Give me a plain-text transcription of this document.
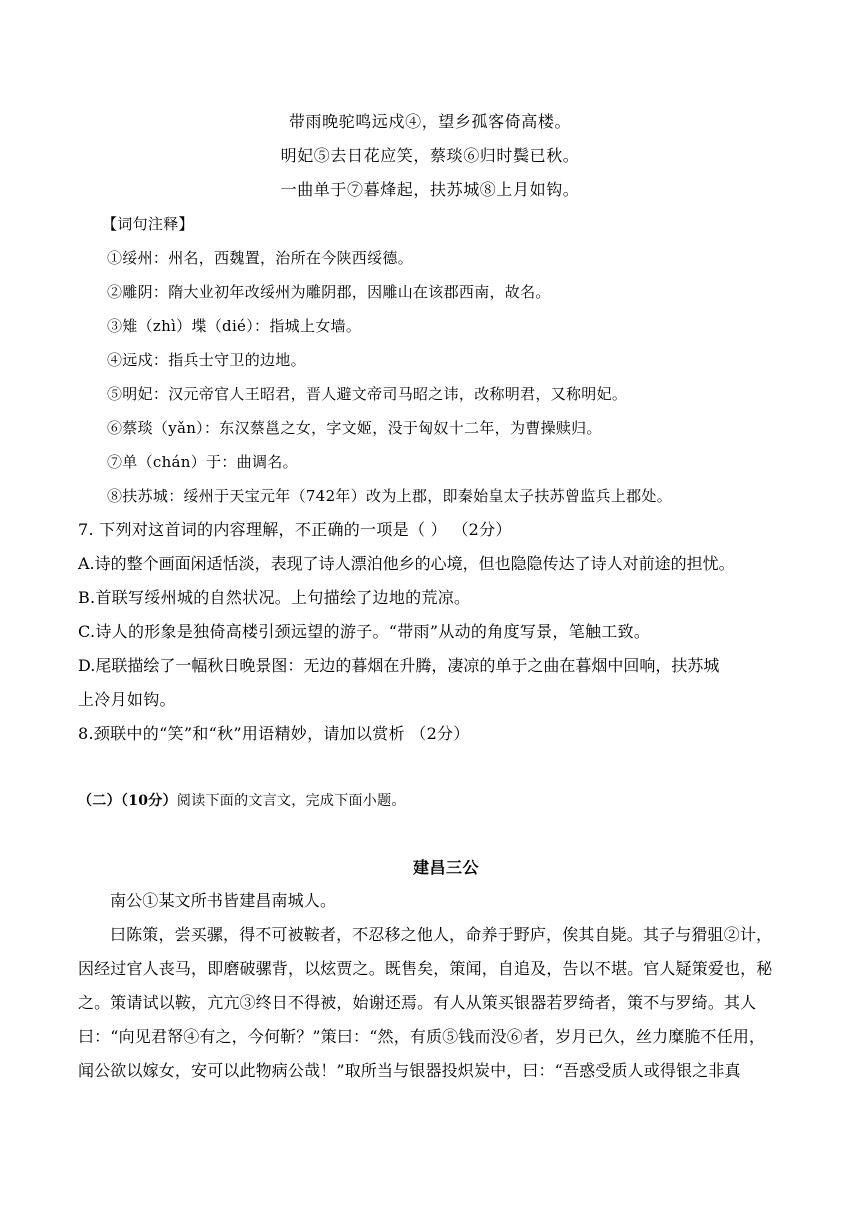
带雨晚驼鸣远戍④，望乡孤客倚高楼。
明妃⑤去日花应笑，蔡琰⑥归时鬓已秋。
一曲单于⑦暮烽起，扶苏城⑧上月如钩。
【词句注释】
①绥州：州名，西魏置，治所在今陕西绥德。
②雕阴：隋大业初年改绥州为雕阴郡，因雕山在该郡西南，故名。
③雉（zhì）堞（dié）：指城上女墙。
④远戍：指兵士守卫的边地。
⑤明妃：汉元帝官人王昭君，晋人避文帝司马昭之讳，改称明君，又称明妃。
⑥蔡琰（yǎn）：东汉蔡邕之女，字文姬，没于匈奴十二年，为曹操赎归。
⑦单（chán）于：曲调名。
⑧扶苏城：绥州于天宝元年（742年）改为上郡，即秦始皇太子扶苏曾监兵上郡处。
7. 下列对这首词的内容理解，不正确的一项是（ ） （2分）
A.诗的整个画面闲适恬淡，表现了诗人漂泊他乡的心境，但也隐隐传达了诗人对前途的担忧。
B.首联写绥州城的自然状况。上句描绘了边地的荒凉。
C.诗人的形象是独倚高楼引颈远望的游子。“带雨”从动的角度写景，笔触工致。
D.尾联描绘了一幅秋日晚景图：无边的暮烟在升腾，凄凉的单于之曲在暮烟中回响，扶苏城
上冷月如钩。
8.颈联中的“笑”和“秋”用语精妙，请加以赏析 （2分）
（二）（10分）阅读下面的文言文，完成下面小题。
建昌三公
南公①某文所书皆建昌南城人。
曰陈策，尝买骡，得不可被鞍者，不忍移之他人，命养于野庐，俟其自毙。其子与猾驵②计，
因经过官人丧马，即磨破骡背，以炫贾之。既售矣，策闻，自追及，告以不堪。官人疑策爱也，秘
之。策请试以鞍，亢亢③终日不得被，始谢还焉。有人从策买银器若罗绮者，策不与罗绮。其人
曰：“向见君帑④有之，今何靳？”策曰：“然，有质⑤钱而没⑥者，岁月已久，丝力糜脆不任用，
闻公欲以嫁女，安可以此物病公哉！”取所当与银器投炽炭中，曰：“吾惑受质人或得银之非真
